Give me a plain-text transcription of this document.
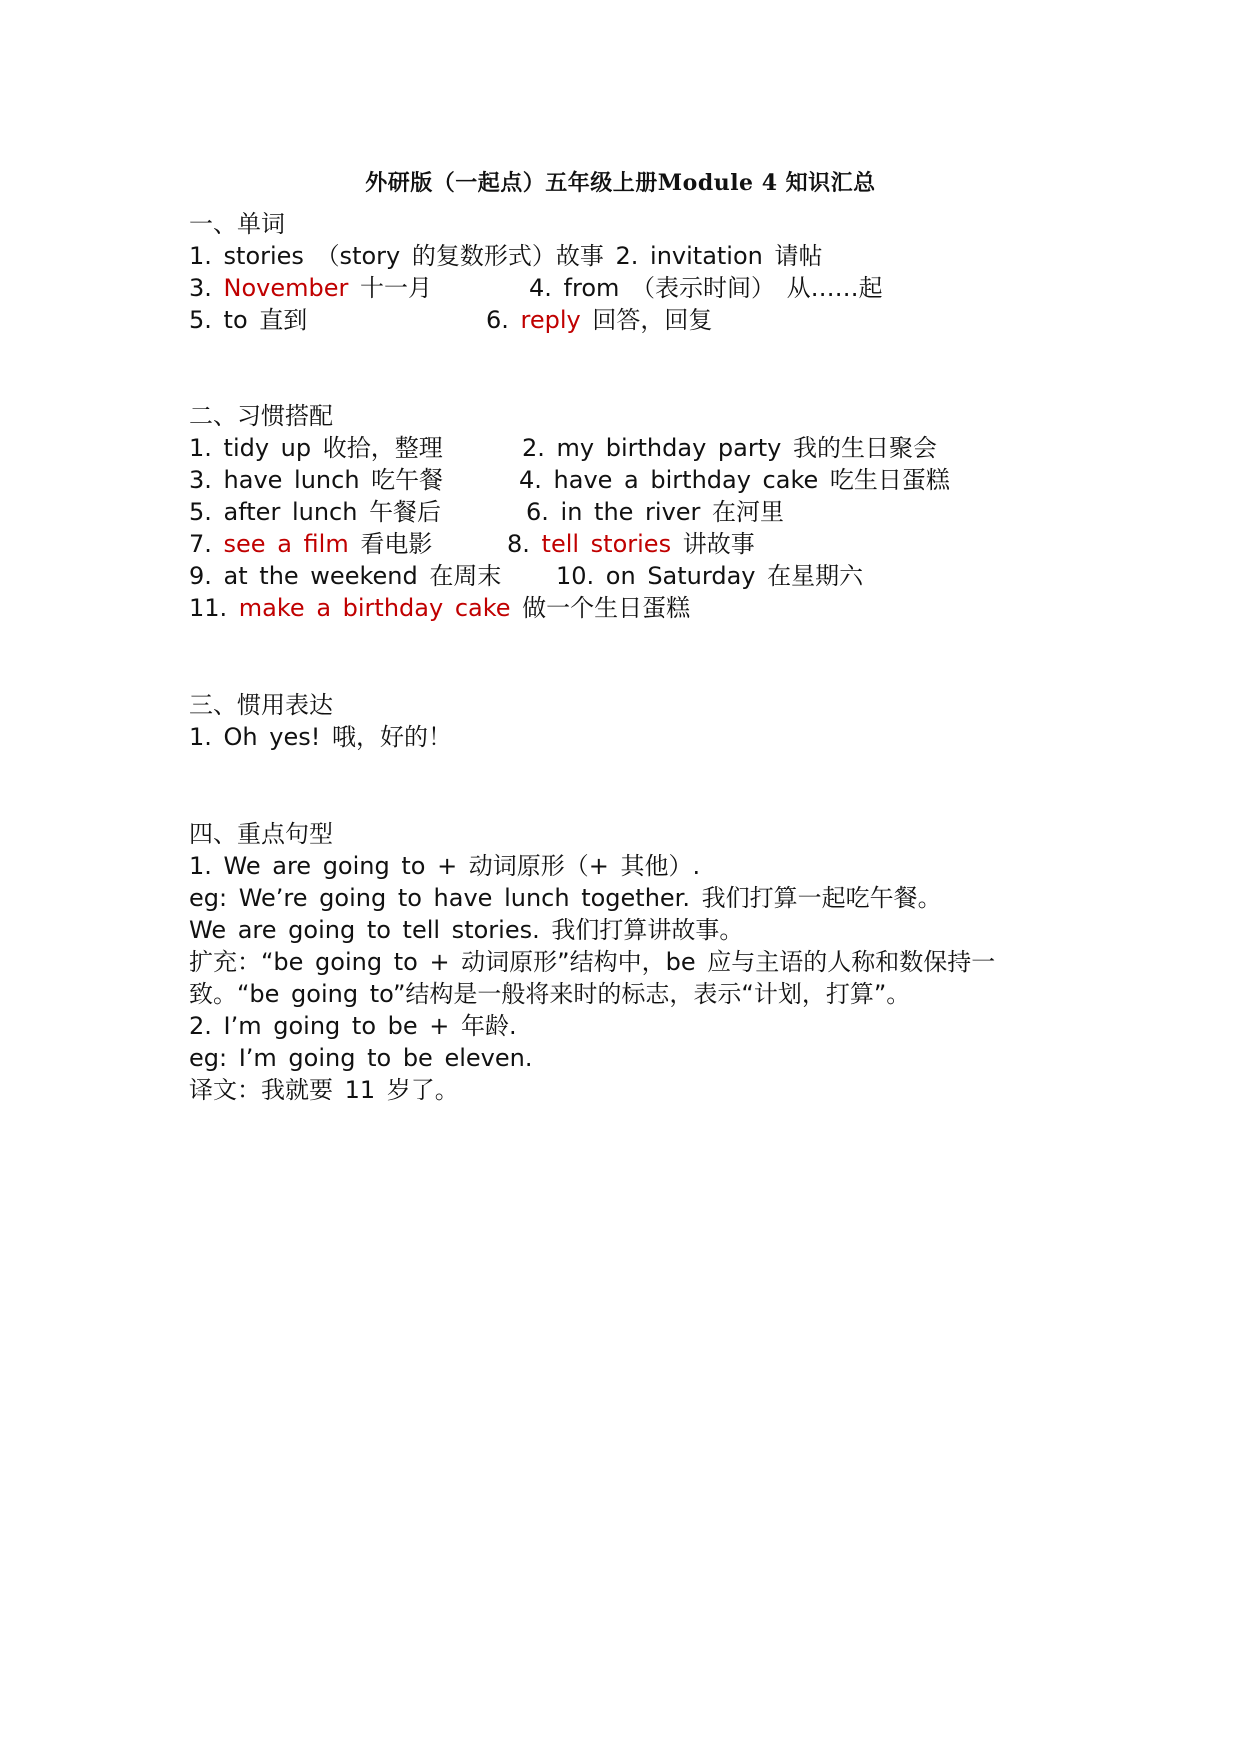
外研版（一起点）五年级上册Module 4 知识汇总
一、单词
1. stories （story 的复数形式）故事 2. invitation 请帖
3. November 十一月	4. from （表示时间） 从……起
5. to 直到	6. reply 回答，回复
二、习惯搭配
1. tidy up 收拾，整理	2. my birthday party 我的生日聚会
3. have lunch 吃午餐	4. have a birthday cake 吃生日蛋糕
5. after lunch 午餐后	6. in the river 在河里
7. see a film 看电影	8. tell stories 讲故事
9. at the weekend 在周末 10. on Saturday 在星期六
11. make a birthday cake 做一个生日蛋糕
三、惯用表达
1. Oh yes! 哦，好的！
四、重点句型
1. We are going to + 动词原形（+ 其他）.
eg: We’re going to have lunch together. 我们打算一起吃午餐。
We are going to tell stories. 我们打算讲故事。
扩充：“be going to + 动词原形”结构中，be 应与主语的人称和数保持一
致。“be going to”结构是一般将来时的标志，表示“计划，打算”。
2. I’m going to be + 年龄.
eg: I’m going to be eleven.
译文：我就要 11 岁了。
